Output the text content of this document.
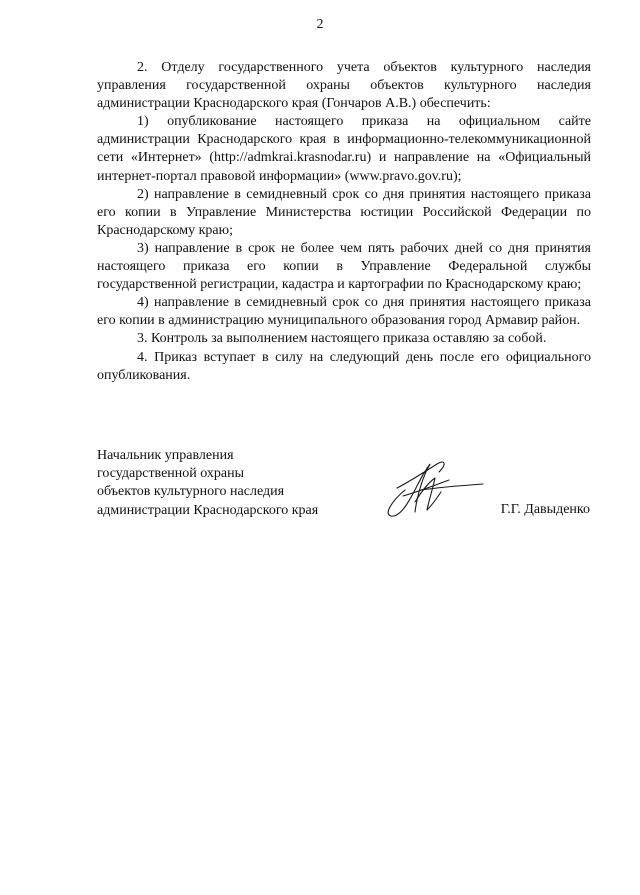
2

2. Отделу государственного учета объектов культурного наследия управления государственной охраны объектов культурного наследия администрации Краснодарского края (Гончаров А.В.) обеспечить:

1) опубликование настоящего приказа на официальном сайте администрации Краснодарского края в информационно-телекоммуникационной сети «Интернет» (http://admkrai.krasnodar.ru) и направление на «Официальный интернет-портал правовой информации» (www.pravo.gov.ru);

2) направление в семидневный срок со дня принятия настоящего приказа его копии в Управление Министерства юстиции Российской Федерации по Краснодарскому краю;

3) направление в срок не более чем пять рабочих дней со дня принятия настоящего приказа его копии в Управление Федеральной службы государственной регистрации, кадастра и картографии по Краснодарскому краю;

4) направление в семидневный срок со дня принятия настоящего приказа его копии в администрацию муниципального образования город Армавир район.

3. Контроль за выполнением настоящего приказа оставляю за собой.

4. Приказ вступает в силу на следующий день после его официального опубликования.

Начальник управления
государственной охраны
объектов культурного наследия
администрации Краснодарского края	Г.Г. Давыденко
